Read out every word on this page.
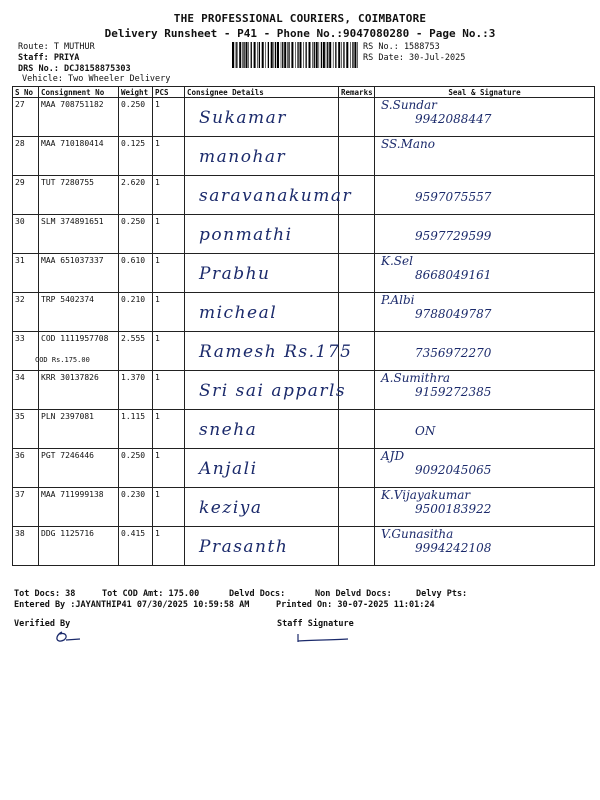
THE PROFESSIONAL COURIERS, COIMBATORE
Delivery Runsheet - P41 - Phone No.:9047080280 - Page No.:3
Route: T MUTHUR
Staff: PRIYA
DRS No.: DCJ8158875303
Vehicle: Two Wheeler Delivery
RS No.: 1588753
RS Date: 30-Jul-2025
S No	Consignment No	Weight	PCS	Consignee Details	Remarks	Seal & Signature
27	MAA 708751182	0.250	1	Sukamar		S.Sundar
9942088447

28	MAA 710180414	0.125	1	manohar		SS.Mano

29	TUT 7280755	2.620	1	saravanakumar		9597075557

30	SLM 374891651	0.250	1	ponmathi		9597729599

31	MAA 651037337	0.610	1	Prabhu		K.Sel
8668049161

32	TRP 5402374	0.210	1	micheal		P.Albi
9788049787

33	COD 1111957708
COD Rs.175.00	2.555	1	Ramesh Rs.175		7356972270

34	KRR 30137826	1.370	1	Sri sai apparls		A.Sumithra
9159272385

35	PLN 2397081	1.115	1	sneha		ON

36	PGT 7246446	0.250	1	Anjali		AJD
9092045065

37	MAA 711999138	0.230	1	keziya		K.Vijayakumar
9500183922

38	DDG 1125716	0.415	1	Prasanth		V.Gunasitha
9994242108
Tot Docs: 38	Tot COD Amt: 175.00	Delvd Docs:	Non Delvd Docs:	Delvy Pts:
Entered By :JAYANTHIP41 07/30/2025 10:59:58 AM	Printed On: 30-07-2025 11:01:24
Verified By	Staff Signature
